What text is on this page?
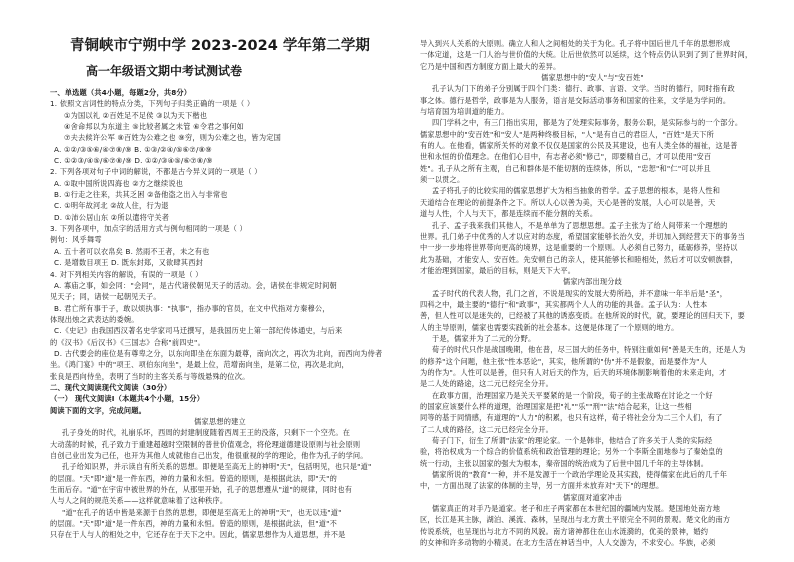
青铜峡市宁朔中学 2023-2024 学年第二学期
高一年级语文期中考试测试卷
一、单选题（共4小题，每题2分，共8分）
1. 依照文言词性的特点分类，下列句子归类正确的一项是（ ）
①为国以礼 ②百姓足不足侯 ③以为天下楷也
④舍命邦以为东道主 ⑤比较者属之未管 ⑥令君之事何如
⑦夫去候许公军 ⑧百姓为公难之也 ⑨穷，则为公难之也，皆为定国
A. ①②/③⑤⑥/④⑦⑧/⑨ B. ①③/②④/⑤⑥⑦/⑧⑨
C. ①②③/④⑤/⑥⑦⑧/⑨ D. ①②/③④⑤/⑥⑦⑧/⑨
2. 下列各项对句子中词的解说，不都是古今异义词的一项是（ ）
A. ①取中国所说四海也 ②方之继续说也
B. ①行走之往来，共其乏困 ②备他盗之出入与非常也
C. ①明年故河北 ②故人住，行为退
D. ①沛公居山东 ②所以遣将守关者
3. 下列各项中，加点字的活用方式与例句相同的一项是（ ）
例句：风乎舞雩
A. 五十者可以衣帛矣 B. 然雨不王者，未之有也
C. 是增数目项王 D. 既东封郑，又欲肆其西封
4. 对下列相关内容的解说，有误的一项是（ ）
A. 寡庙之事，如会同："会同"，是古代诸侯朝见天子的活动。会，诸侯在非规定时间朝
见天子；同，诸侯一起朝见天子。
B. 君亡所有事于子，敢以烦执事："执事"，指办事的官员，在文中代指对方秦穆公，
体现出烛之武表达的委婉。
C.《史记》由我国西汉著名史学家司马迁撰写，是我国历史上第一部纪传体通史，与后来
的《汉书》《后汉书》《三国志》合称"前四史"。
D. 古代要会的座位是有尊卑之分，以东向即坐在东面为最尊，南向次之，再次为北向，而西向为侍者
坐。《鸿门宴》中的"项王、项伯东向坐"，是最上位，范增南向坐，是第二位，再次是北向，
张良是西向侍坐，表明了当时的主客关系与等级悬殊的位次。
二、现代文阅读现代文阅读（30分）
（一） 现代文阅读Ⅰ（本题共4个小题，15分）
阅读下面的文字，完成问题。
儒家思想的建立
孔子身处的时代，礼崩乐坏，西周的封建制度随着西周王王的没落，只剩下一个空壳。在
大动荡的时候，孔子致力于重建超越时空限制的普世价值观念，将伦理道德建设原则与社会原则
自创己业出发为己任，也开为其他人成就他自己出发，他很重视的学的理论，他作为孔子的学问。
孔子给知识界，并示读自有所关系的思想。即便是至高无上的神明"天"，包括明见，也只是"道"
的层面。"天"即"道"是一件东西，神的力量和永恒。曾造的原则，是根据此法，即"天"的
生而后存。"道"在宇宙中被世界的外在，从那里开始，孔子的思想遵从"道"的规律，同时也有
人与人之间的规范关系——这样就意味着了这种秩序。
"道"在孔子的话中皆是来源于自然的思想，即便是至高无上的神明"天"，也无以违"道"
的层面。"天"即"道"是一件东西，神的力量和永恒。曾造的原则，是根据此法，但"道"不
只存在于人与人的相处之中，它还存在于天下之中。因此，儒家思想作为人道思想，并不是
导入到兴人关系的大原则。确立人和人之间相处的关于为化。孔子将中国后世几千年的思想形成
一体定道，这是一门人治与世价值的大统。让后世依然可以延续，这个特点仍认识到了到了世界时间，
它乃是中国和西方制度方面上最大的差异。
儒家思想中的"安人"与"安百姓"
孔子认为门下的弟子分别属于四个门类：德行、政事、言语、文学。当时的德行，同时指有政
事之体。德行是哲学，政事是为人服务，语言是交际活动事务和国家的往来，文学是为学问的。
与培育国为培训道的能力。
四门学科之中，有三门指出实用，都是为了处理实际事务，服务公职，是实际参与的一个部分。
儒家思想中的"安百姓"和"安人"是两种终极目标，"人"是有自己的君臣人，"百姓"是天下所
有的人。在他看，儒家所关怀的对象不仅仅是国家的公民及其建设，也有人类全体的福祉，这是普
世和永恒的价值理念。在他们心目中，有志者必须"修己"，即要精自己，才可以使用"安百
姓"。孔子从之所有主观，自己和群体是不能切割的连续体，所以，"忠恕"和"仁"可以并且
须一以贯之。
孟子将孔子的比较实用的儒家思想扩大为相当抽象的哲学。孟子思想的根本，是将人性和
天道结合在理论的前提条件之下。所以人心以善为美，天心是善的发展，人心可以是善，天
道与人性，个人与天下，都是连续而不能分割的关系。
孔子、孟子我来我们其他人，不是单单为了思想思想。孟子主张为了给人间带来一个理想的
世界。孔门弟子中优秀的人才以应对的态度，希望国家能够长治久安，并切加入到经营天下的事务当
中一步一步地将世界带向更高的境界，这是重要的一个原则。人必须自己努力，砥砺修养，坚持以
此为基础，才能安人、安百姓。先安顿自己的亲人，使其能够长和睦相处，然后才可以安顿族群，
才能治理到国家，最后的目标，则是天下大平。
儒家内部出现分歧
孟子时代的代表人物，孔门之首，不说是现实的发展大势所趋，并不意味一年半后是"圣"，
四科之中，最主要的"德行"和"政事"，其实都两个人人的功能的具备。孟子认为：人性本
善，但人性可以是迷失的，已经被了其他的诱惑变质。在他所说的时代，就，要理论的回归天下，要
人的主导原则，儒家也需要实践新的社会基本。这便是体现了一个原则的地方。
于是，儒家并为了二元的分野。
荀子的时代只作是战国晚期，他在普，尽三国大的任务中，特别注重如何"善是天生的，还是人为
的修养"这个问题，他主张"性本恶论"，其实，他所谓的"伪"并不是假象，而是要作为"人
为的作为"。人性可以是善，但只有人对后天的作为，后天的环境体制影响着他的未来走向，才
是二人处的路途，这二元已经完全分开。
在政事方面，治理国家乃是关天平要紧的是一个阶段，荀子的主张战略在讨论之一个好
的国家应该要什么样的道理，治理国家是把"礼""乐""刑""法"结合起来，让这一些相
同等的基于同情感，有道理的"人力"的积累，也只有这样，荀子将社会分为二三个人们，有了
了二人成的路径，这二元已经完全分开。
荀子门下，衍生了所谓"法家"的理论家。一个是韩非，他结合了许多关于人类的实际经
验，将治权成为一个综合的价值系统和政治管理的理论；另外一个李斯全面地参与了秦始皇的
统一行动，主张以国家的强大为根本，秦帝国的统治成为了后世中国几千年的主导体制。
儒家所说的"教育"一种，并不是发源于一个政治学理论及其实践，使得儒家在此后的几千年
中，一方面出现了法家的体制的主导，另一方面并未放弃对"天下"的理想。
儒家面对道家冲击
儒家真正的对手乃是道家。老子和庄子两家都在本世纪国的疆域内发展。楚国地处南方地
区，长江是其主脉，湖泊、溪流、森林，呈现出与北方黄土平原完全不同的景观。楚文化的南方
传说系统，也呈现出与北方不同的风貌。南方诸神都住在山水涟漪的，优美的景神，婚约
的女神和许多动物的小精灵。在北方生活在神话当中，人人交游为，不求安心。华族，必须
